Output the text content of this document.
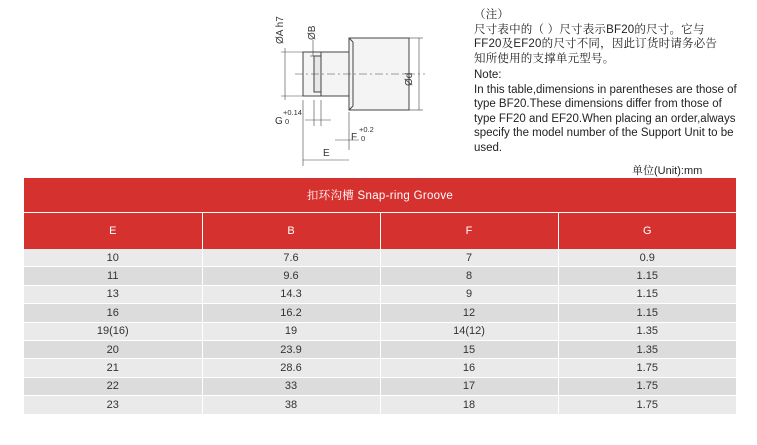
ØA h7 ØB
Ød
G
+0.14
0
F
+0.2
0
E
（注）
尺寸表中的（ ）尺寸表示BF20的尺寸。它与
FF20及EF20的尺寸不同，因此订货时请务必告
知所使用的支撑单元型号。
Note:
In this table,dimensions in parentheses are those of
type BF20.These dimensions differ from those of
type FF20 and EF20.When placing an order,always
specify the model number of the Support Unit to be
used.
单位(Unit):mm
扣环沟槽 Snap-ring Groove			
E	B	F	G
10	7.6	7	0.9
11	9.6	8	1.15
13	14.3	9	1.15
16	16.2	12	1.15
19(16)	19	14(12)	1.35
20	23.9	15	1.35
21	28.6	16	1.75
22	33	17	1.75
23	38	18	1.75
